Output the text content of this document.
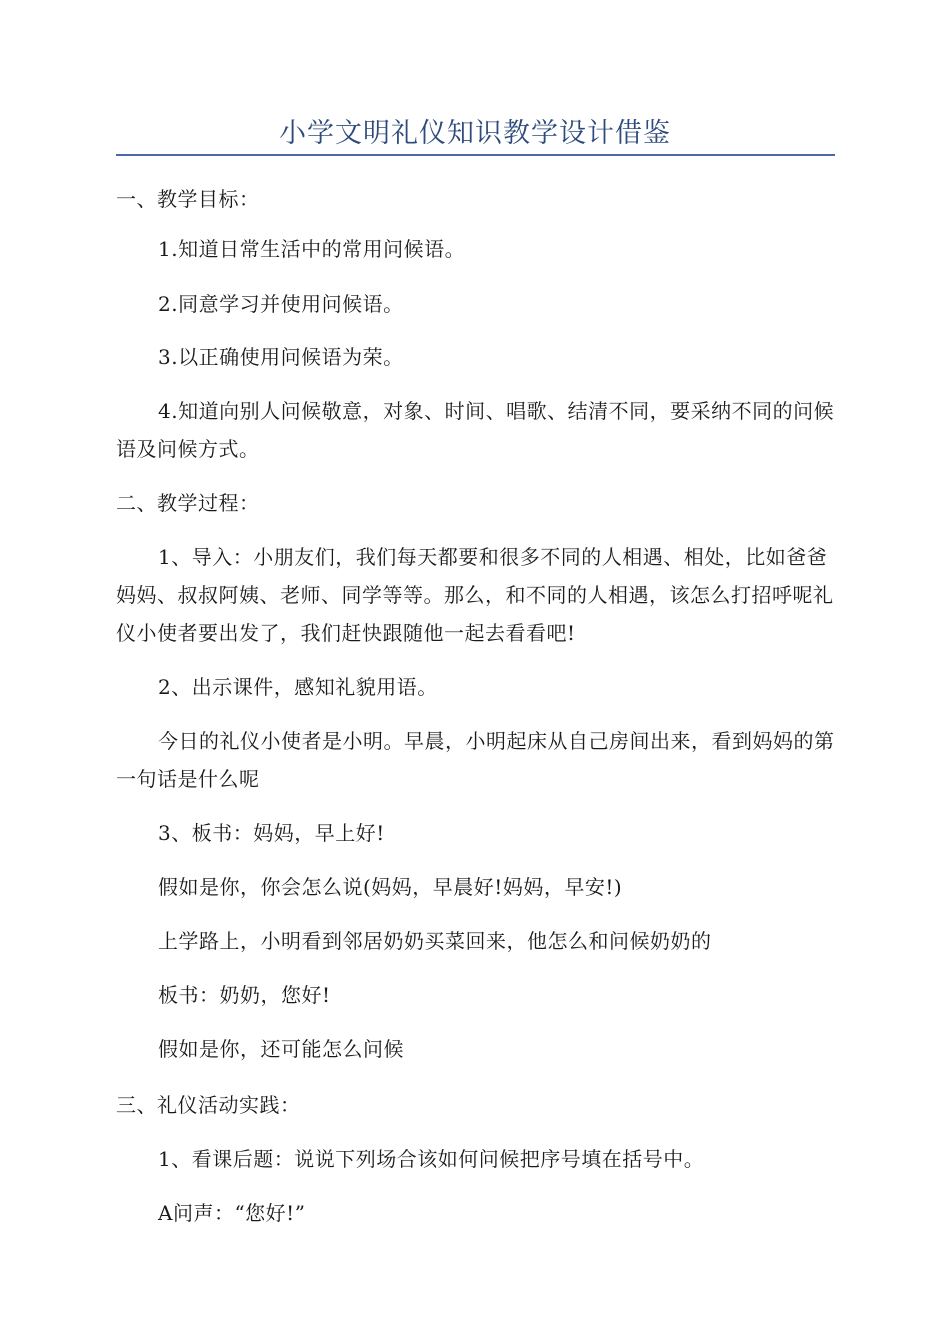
小学文明礼仪知识教学设计借鉴
一、教学目标：
1.知道日常生活中的常用问候语。
2.同意学习并使用问候语。
3.以正确使用问候语为荣。
4.知道向别人问候敬意，对象、时间、唱歌、结清不同，要采纳不同的问候语及问候方式。
二、教学过程：
1、导入：小朋友们，我们每天都要和很多不同的人相遇、相处，比如爸爸妈妈、叔叔阿姨、老师、同学等等。那么，和不同的人相遇，该怎么打招呼呢礼仪小使者要出发了，我们赶快跟随他一起去看看吧!
2、出示课件，感知礼貌用语。
今日的礼仪小使者是小明。早晨，小明起床从自己房间出来，看到妈妈的第一句话是什么呢
3、板书：妈妈，早上好!
假如是你，你会怎么说(妈妈，早晨好!妈妈，早安!)
上学路上，小明看到邻居奶奶买菜回来，他怎么和问候奶奶的
板书：奶奶，您好!
假如是你，还可能怎么问候
三、礼仪活动实践：
1、看课后题：说说下列场合该如何问候把序号填在括号中。
A问声：“您好!”
